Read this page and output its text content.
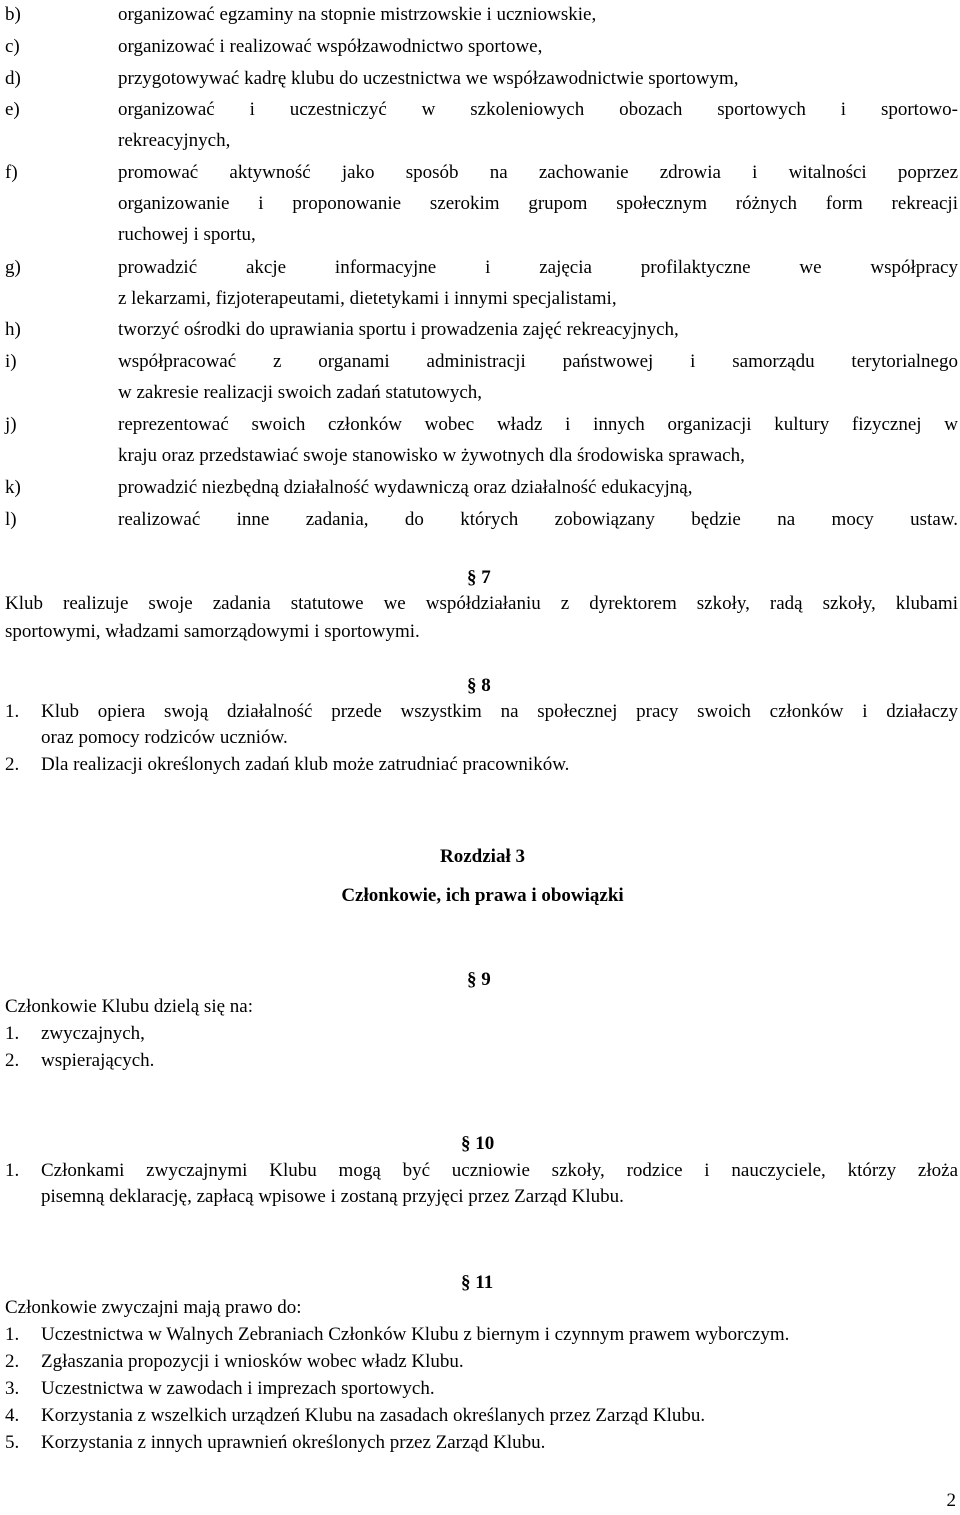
b)	organizować egzaminy na stopnie mistrzowskie i uczniowskie,
c)	organizować i realizować współzawodnictwo sportowe,
d)	przygotowywać kadrę klubu do uczestnictwa we współzawodnictwie sportowym,
e)	organizować i uczestniczyć w szkoleniowych obozach sportowych i sportowo-
rekreacyjnych,
f)	promować aktywność jako sposób na zachowanie zdrowia i witalności poprzez
organizowanie i proponowanie szerokim grupom społecznym różnych form rekreacji
ruchowej i sportu,
g)	prowadzić akcje informacyjne i zajęcia profilaktyczne we współpracy
z lekarzami, fizjoterapeutami, dietetykami i innymi specjalistami,
h)	tworzyć ośrodki do uprawiania sportu i prowadzenia zajęć rekreacyjnych,
i)	współpracować z organami administracji państwowej i samorządu terytorialnego
w zakresie realizacji swoich zadań statutowych,
j)	reprezentować swoich członków wobec władz i innych organizacji kultury fizycznej w
kraju oraz przedstawiać swoje stanowisko w żywotnych dla środowiska sprawach,
k)	prowadzić niezbędną działalność wydawniczą oraz działalność edukacyjną,
l)	realizować inne zadania, do których zobowiązany będzie na mocy ustaw.
§ 7
Klub realizuje swoje zadania statutowe we współdziałaniu z dyrektorem szkoły, radą szkoły, klubami
sportowymi, władzami samorządowymi i sportowymi.
§ 8
1. Klub opiera swoją działalność przede wszystkim na społecznej pracy swoich członków i działaczy
oraz pomocy rodziców uczniów.
2. Dla realizacji określonych zadań klub może zatrudniać pracowników.
Rozdział 3
Członkowie, ich prawa i obowiązki
§ 9
Członkowie Klubu dzielą się na:
1. zwyczajnych,
2. wspierających.
§ 10
1. Członkami zwyczajnymi Klubu mogą być uczniowie szkoły, rodzice i nauczyciele, którzy złoża
pisemną deklarację, zapłacą wpisowe i zostaną przyjęci przez Zarząd Klubu.
§ 11
Członkowie zwyczajni mają prawo do:
1. Uczestnictwa w Walnych Zebraniach Członków Klubu z biernym i czynnym prawem wyborczym.
2. Zgłaszania propozycji i wniosków wobec władz Klubu.
3. Uczestnictwa w zawodach i imprezach sportowych.
4. Korzystania z wszelkich urządzeń Klubu na zasadach określanych przez Zarząd Klubu.
5. Korzystania z innych uprawnień określonych przez Zarząd Klubu.
2
